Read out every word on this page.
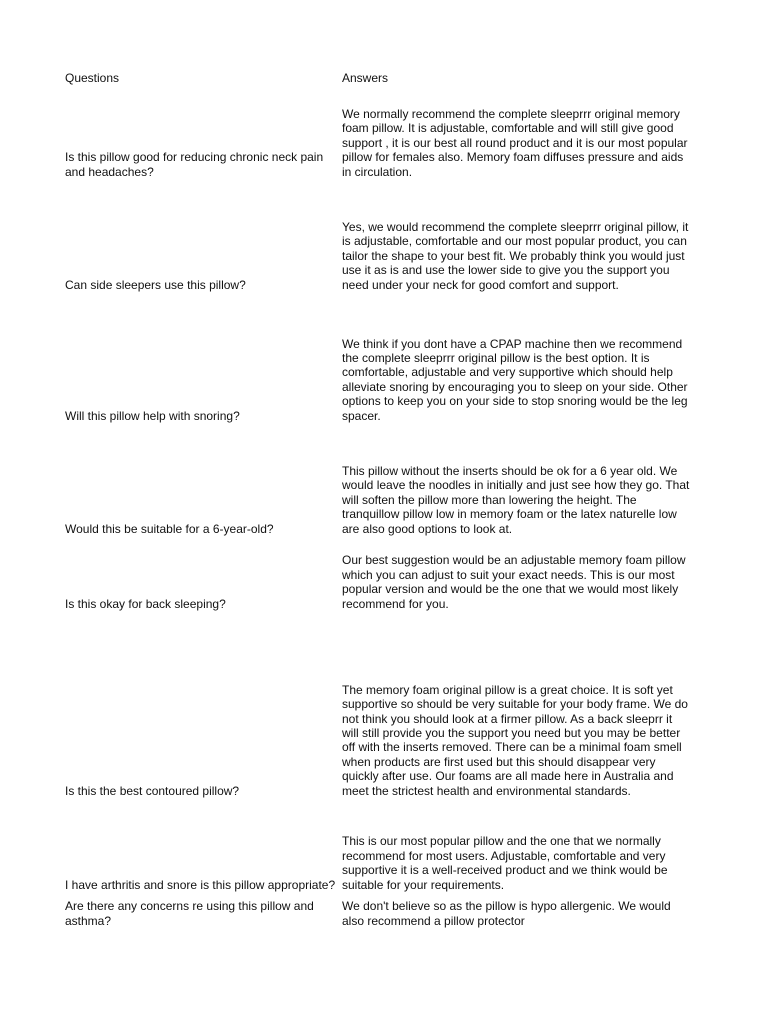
Questions	Answers
Is this pillow good for reducing chronic neck pain and headaches?
We normally recommend the complete sleeprrr original memory foam pillow. It is adjustable, comfortable and will still give good support , it is our best all round product and it is our most popular pillow for females also. Memory foam diffuses pressure and aids in circulation.
Can side sleepers use this pillow?
Yes, we would recommend the complete sleeprrr original pillow, it is adjustable, comfortable and our most popular product, you can tailor the shape to your best fit. We probably think you would just use it as is and use the lower side to give you the support you need under your neck for good comfort and support.
Will this pillow help with snoring?
We think if you dont have a CPAP machine then we recommend the complete sleeprrr original pillow is the best option. It is comfortable, adjustable and very supportive which should help alleviate snoring by encouraging you to sleep on your side. Other options to keep you on your side to stop snoring would be the leg spacer.
Would this be suitable for a 6-year-old?
This pillow without the inserts should be ok for a 6 year old. We would leave the noodles in initially and just see how they go. That will soften the pillow more than lowering the height. The tranquillow pillow low in memory foam or the latex naturelle low are also good options to look at.
Is this okay for back sleeping?
Our best suggestion would be an adjustable memory foam pillow which you can adjust to suit your exact needs. This is our most popular version and would be the one that we would most likely recommend for you.
Is this the best contoured pillow?
The memory foam original pillow is a great choice. It is soft yet supportive so should be very suitable for your body frame. We do not think you should look at a firmer pillow. As a back sleeprr it will still provide you the support you need but you may be better off with the inserts removed. There can be a minimal foam smell when products are first used but this should disappear very quickly after use. Our foams are all made here in Australia and meet the strictest health and environmental standards.
I have arthritis and snore is this pillow appropriate?
This is our most popular pillow and the one that we normally recommend for most users. Adjustable, comfortable and very supportive it is a well-received product and we think would be suitable for your requirements.
Are there any concerns re using this pillow and asthma?
We don't believe so as the pillow is hypo allergenic. We would also recommend a pillow protector
